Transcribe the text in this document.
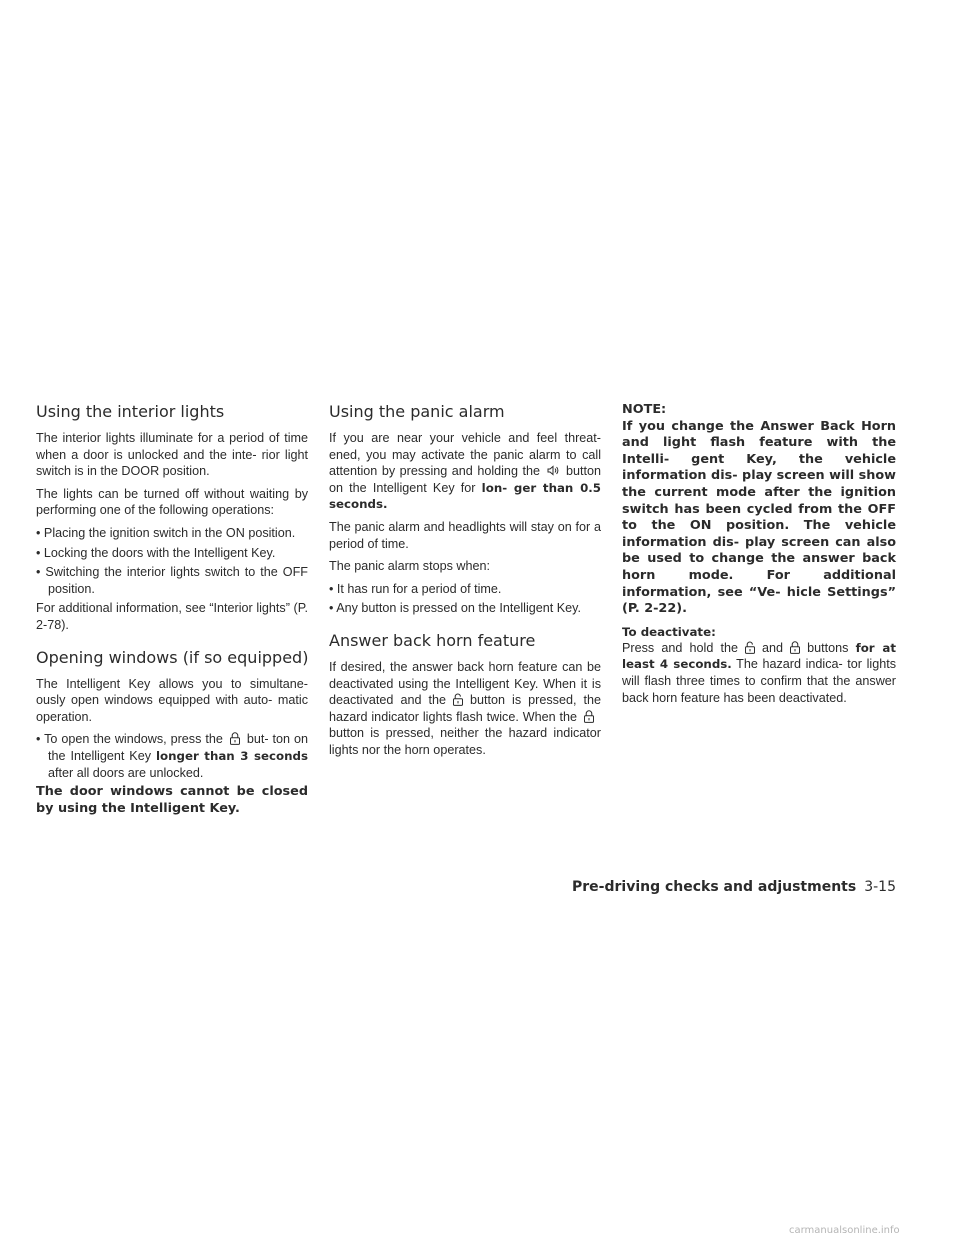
Using the interior lights

The interior lights illuminate for a period of time when a door is unlocked and the inte- rior light switch is in the DOOR position.

The lights can be turned off without waiting by performing one of the following operations:

• Placing the ignition switch in the ON position.

• Locking the doors with the Intelligent Key.

• Switching the interior lights switch to the OFF position.

For additional information, see “Interior lights” (P. 2-78).

Opening windows (if so equipped)

The Intelligent Key allows you to simultane- ously open windows equipped with auto- matic operation.

• To open the windows, press the but- ton on the Intelligent Key longer than 3 seconds after all doors are unlocked.

The door windows cannot be closed by using the Intelligent Key.

Using the panic alarm

If you are near your vehicle and feel threat- ened, you may activate the panic alarm to call attention by pressing and holding the button on the Intelligent Key for lon- ger than 0.5 seconds.

The panic alarm and headlights will stay on for a period of time.

The panic alarm stops when:

• It has run for a period of time.

• Any button is pressed on the Intelligent Key.

Answer back horn feature

If desired, the answer back horn feature can be deactivated using the Intelligent Key. When it is deactivated and the button is pressed, the hazard indicator lights flash twice. When the
button is pressed, neither the hazard indicator lights nor the horn operates.

NOTE:

If you change the Answer Back Horn and light flash feature with the Intelli- gent Key, the vehicle information dis- play screen will show the current mode after the ignition switch has been cycled from the OFF to the ON position. The vehicle information dis- play screen can also be used to change the answer back horn mode. For additional information, see “Ve- hicle Settings” (P. 2-22).

To deactivate:

Press and hold the and buttons for at least 4 seconds. The hazard indica- tor lights will flash three times to confirm that the answer back horn feature has been deactivated.

Pre-driving checks and adjustments 3-15
carmanualsonline.info
